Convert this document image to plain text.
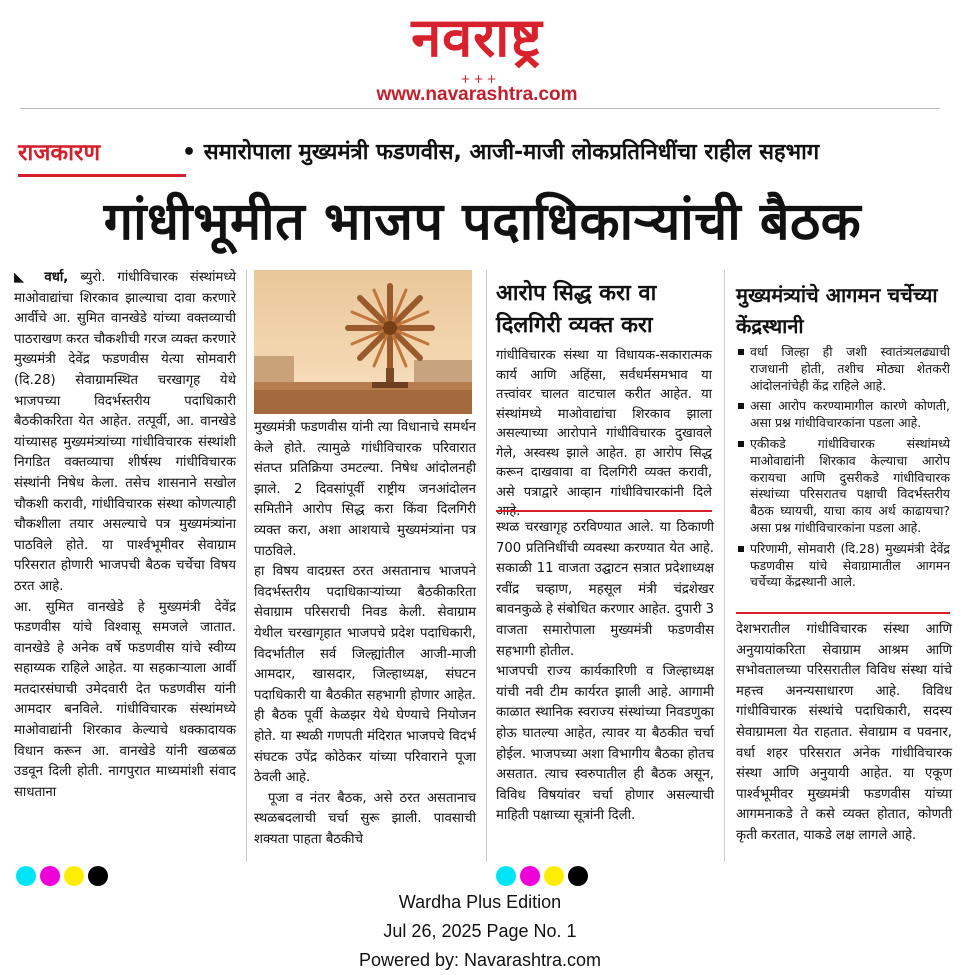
नवराष्ट्र
+++
www.navarashtra.com
राजकारण	• समारोपाला मुख्यमंत्री फडणवीस, आजी-माजी लोकप्रतिनिधींचा राहील सहभाग
गांधीभूमीत भाजप पदाधिकाऱ्यांची बैठक

◣ वर्धा, ब्युरो. गांधीविचारक संस्थांमध्ये माओवाद्यांचा शिरकाव झाल्याचा दावा करणारे आर्वीचे आ. सुमित वानखेडे यांच्या वक्तव्याची पाठराखण करत चौकशीची गरज व्यक्त करणारे मुख्यमंत्री देवेंद्र फडणवीस येत्या सोमवारी (दि.28) सेवाग्रामस्थित चरखागृह येथे भाजपच्या विदर्भस्तरीय पदाधिकारी बैठकीकरिता येत आहेत. तत्पूर्वी, आ. वानखेडे यांच्यासह मुख्यमंत्र्यांच्या गांधीविचारक संस्थांशी निगडित वक्तव्याचा शीर्षस्थ गांधीविचारक संस्थांनी निषेध केला. तसेच शासनाने सखोल चौकशी करावी, गांधीविचारक संस्था कोणत्याही चौकशीला तयार असल्याचे पत्र मुख्यमंत्र्यांना पाठविले होते. या पार्श्वभूमीवर सेवाग्राम परिसरात होणारी भाजपची बैठक चर्चेचा विषय ठरत आहे.

आ. सुमित वानखेडे हे मुख्यमंत्री देवेंद्र फडणवीस यांचे विश्वासू समजले जातात. वानखेडे हे अनेक वर्षे फडणवीस यांचे स्वीय्य सहाय्यक राहिले आहेत. या सहकाऱ्याला आर्वी मतदारसंघाची उमेदवारी देत फडणवीस यांनी आमदार बनविले. गांधीविचारक संस्थांमध्ये माओवाद्यांनी शिरकाव केल्याचे धक्कादायक विधान करून आ. वानखेडे यांनी खळबळ उडवून दिली होती. नागपुरात माध्यमांशी संवाद साधताना

मुख्यमंत्री फडणवीस यांनी त्या विधानाचे समर्थन केले होते. त्यामुळे गांधीविचारक परिवारात संतप्त प्रतिक्रिया उमटल्या. निषेध आंदोलनही झाले. 2 दिवसांपूर्वी राष्ट्रीय जनआंदोलन समितीने आरोप सिद्ध करा किंवा दिलगिरी व्यक्त करा, अशा आशयाचे मुख्यमंत्र्यांना पत्र पाठविले.

हा विषय वादग्रस्त ठरत असतानाच भाजपने विदर्भस्तरीय पदाधिकाऱ्यांच्या बैठकीकरिता सेवाग्राम परिसराची निवड केली. सेवाग्राम येथील चरखागृहात भाजपचे प्रदेश पदाधिकारी, विदर्भातील सर्व जिल्ह्यांतील आजी-माजी आमदार, खासदार, जिल्हाध्यक्ष, संघटन पदाधिकारी या बैठकीत सहभागी होणार आहेत. ही बैठक पूर्वी केळझर येथे घेण्याचे नियोजन होते. या स्थळी गणपती मंदिरात भाजपचे विदर्भ संघटक उपेंद्र कोठेकर यांच्या परिवाराने पूजा ठेवली आहे.

पूजा व नंतर बैठक, असे ठरत असतानाच स्थळबदलाची चर्चा सुरू झाली. पावसाची शक्यता पाहता बैठकीचे

आरोप सिद्ध करा वा दिलगिरी व्यक्त करा
गांधीविचारक संस्था या विधायक-सकारात्मक कार्य आणि अहिंसा, सर्वधर्मसमभाव या तत्त्वांवर चालत वाटचाल करीत आहेत. या संस्थांमध्ये माओवाद्यांचा शिरकाव झाला असल्याच्या आरोपाने गांधीविचारक दुखावले गेले, अस्वस्थ झाले आहेत. हा आरोप सिद्ध करून दाखवावा वा दिलगिरी व्यक्त करावी, असे पत्राद्वारे आव्हान गांधीविचारकांनी दिले

स्थळ चरखागृह ठरविण्यात आले. या ठिकाणी 700 प्रतिनिधींची व्यवस्था करण्यात येत आहे. सकाळी 11 वाजता उद्घाटन सत्रात प्रदेशाध्यक्ष रवींद्र चव्हाण, महसूल मंत्री चंद्रशेखर बावनकुळे हे संबोधित करणार आहेत. दुपारी 3 वाजता समारोपाला मुख्यमंत्री फडणवीस सहभागी होतील.

भाजपची राज्य कार्यकारिणी व जिल्हाध्यक्ष यांची नवी टीम कार्यरत झाली आहे. आगामी काळात स्थानिक स्वराज्य संस्थांच्या निवडणुका होऊ घातल्या आहेत, त्यावर या बैठकीत चर्चा होईल. भाजपच्या अशा विभागीय बैठका होतच असतात. त्याच स्वरुपातील ही बैठक असून, विविध विषयांवर चर्चा होणार असल्याची माहिती पक्षाच्या सूत्रांनी दिली.

मुख्यमंत्र्यांचे आगमन चर्चेच्या केंद्रस्थानी
वर्धा जिल्हा ही जशी स्वातंत्र्यलढ्याची राजधानी होती, तशीच मोठ्या शेतकरी आंदोलनांचेही केंद्र राहिले आहे.
असा आरोप करण्यामागील कारणे कोणती, असा प्रश्न गांधीविचारकांना पडला आहे.
एकीकडे गांधीविचारक संस्थांमध्ये माओवाद्यांनी शिरकाव केल्याचा आरोप करायचा आणि दुसरीकडे गांधीविचारक संस्थांच्या परिसरातच पक्षाची विदर्भस्तरीय बैठक घ्यायची, याचा काय अर्थ काढायचा? असा प्रश्न गांधीविचारकांना पडला आहे.
परिणामी, सोमवारी (दि.28) मुख्यमंत्री देवेंद्र फडणवीस यांचे सेवाग्रामातील आगमन चर्चेच्या केंद्रस्थानी आले.
देशभरातील गांधीविचारक संस्था आणि अनुयायांकरिता सेवाग्राम आश्रम आणि सभोवतालच्या परिसरातील विविध संस्था यांचे महत्त्व अनन्यसाधारण आहे. विविध गांधीविचारक संस्थांचे पदाधिकारी, सदस्य सेवाग्रामला येत राहतात. सेवाग्राम व पवनार, वर्धा शहर परिसरात अनेक गांधीविचारक संस्था आणि अनुयायी आहेत. या एकूण पार्श्वभूमीवर मुख्यमंत्री फडणवीस यांच्या आगमनाकडे ते कसे व्यक्त होतात, कोणती कृती करतात, याकडे लक्ष लागले आहे.
Wardha Plus Edition
Jul 26, 2025 Page No. 1
Powered by: Navarashtra.com
